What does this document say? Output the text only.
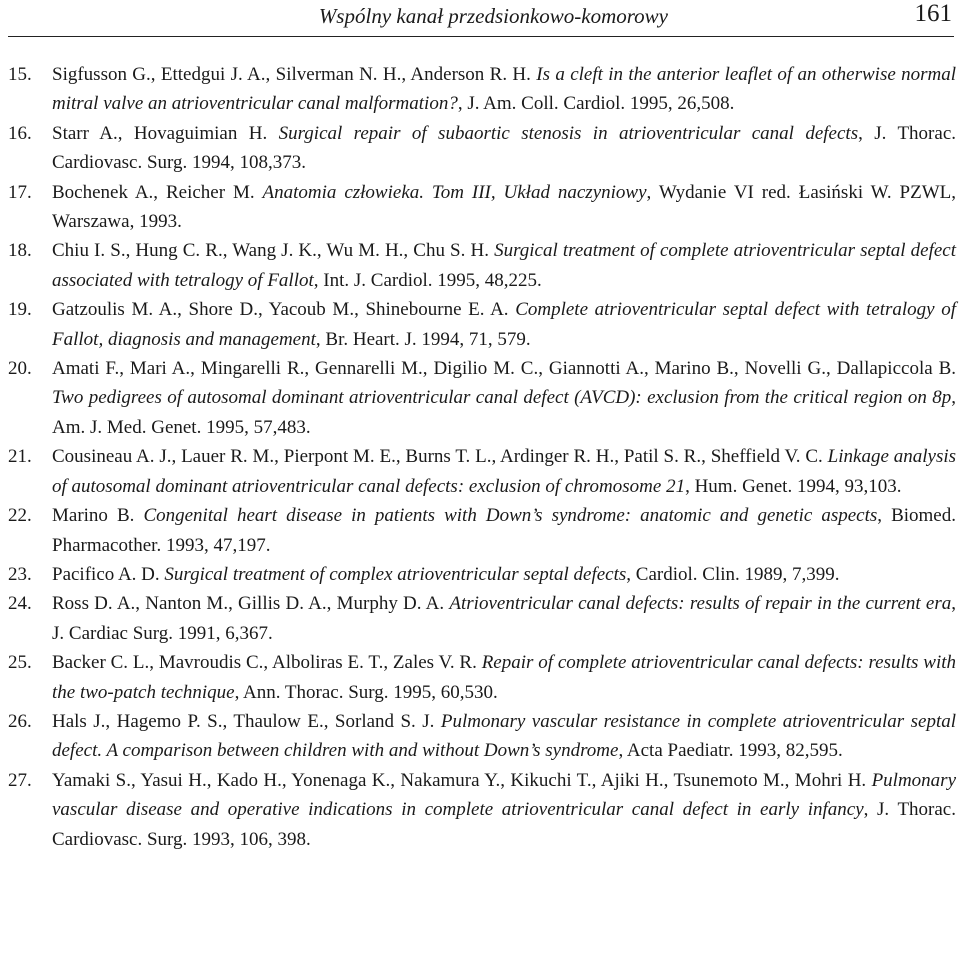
Wspólny kanał przedsionkowo-komorowy	161
15.	Sigfusson G., Ettedgui J. A., Silverman N. H., Anderson R. H. Is a cleft in the anterior leaflet of an otherwise normal mitral valve an atrioventricular canal malformation?, J. Am. Coll. Cardiol. 1995, 26,508.
16.	Starr A., Hovaguimian H. Surgical repair of subaortic stenosis in atrioventricular canal defects, J. Thorac. Cardiovasc. Surg. 1994, 108,373.
17.	Bochenek A., Reicher M. Anatomia człowieka. Tom III, Układ naczyniowy, Wydanie VI red. Łasiński W. PZWL, Warszawa, 1993.
18.	Chiu I. S., Hung C. R., Wang J. K., Wu M. H., Chu S. H. Surgical treatment of complete atrioventricular septal defect associated with tetralogy of Fallot, Int. J. Cardiol. 1995, 48,225.
19.	Gatzoulis M. A., Shore D., Yacoub M., Shinebourne E. A. Complete atrioventricular septal defect with tetralogy of Fallot, diagnosis and management, Br. Heart. J. 1994, 71, 579.
20.	Amati F., Mari A., Mingarelli R., Gennarelli M., Digilio M. C., Giannotti A., Marino B., Novelli G., Dallapiccola B. Two pedigrees of autosomal dominant atrioventricular canal defect (AVCD): exclusion from the critical region on 8p, Am. J. Med. Genet. 1995, 57,483.
21.	Cousineau A. J., Lauer R. M., Pierpont M. E., Burns T. L., Ardinger R. H., Patil S. R., Sheffield V. C. Linkage analysis of autosomal dominant atrioventricular canal defects: exclusion of chromosome 21, Hum. Genet. 1994, 93,103.
22.	Marino B. Congenital heart disease in patients with Down’s syndrome: anatomic and genetic aspects, Biomed. Pharmacother. 1993, 47,197.
23.	Pacifico A. D. Surgical treatment of complex atrioventricular septal defects, Cardiol. Clin. 1989, 7,399.
24.	Ross D. A., Nanton M., Gillis D. A., Murphy D. A. Atrioventricular canal defects: results of repair in the current era, J. Cardiac Surg. 1991, 6,367.
25.	Backer C. L., Mavroudis C., Alboliras E. T., Zales V. R. Repair of complete atrioventricular canal defects: results with the two-patch technique, Ann. Thorac. Surg. 1995, 60,530.
26.	Hals J., Hagemo P. S., Thaulow E., Sorland S. J. Pulmonary vascular resistance in complete atrioventricular septal defect. A comparison between children with and without Down’s syndrome, Acta Paediatr. 1993, 82,595.
27.	Yamaki S., Yasui H., Kado H., Yonenaga K., Nakamura Y., Kikuchi T., Ajiki H., Tsunemoto M., Mohri H. Pulmonary vascular disease and operative indications in complete atrioventricular canal defect in early infancy, J. Thorac. Cardiovasc. Surg. 1993, 106, 398.
